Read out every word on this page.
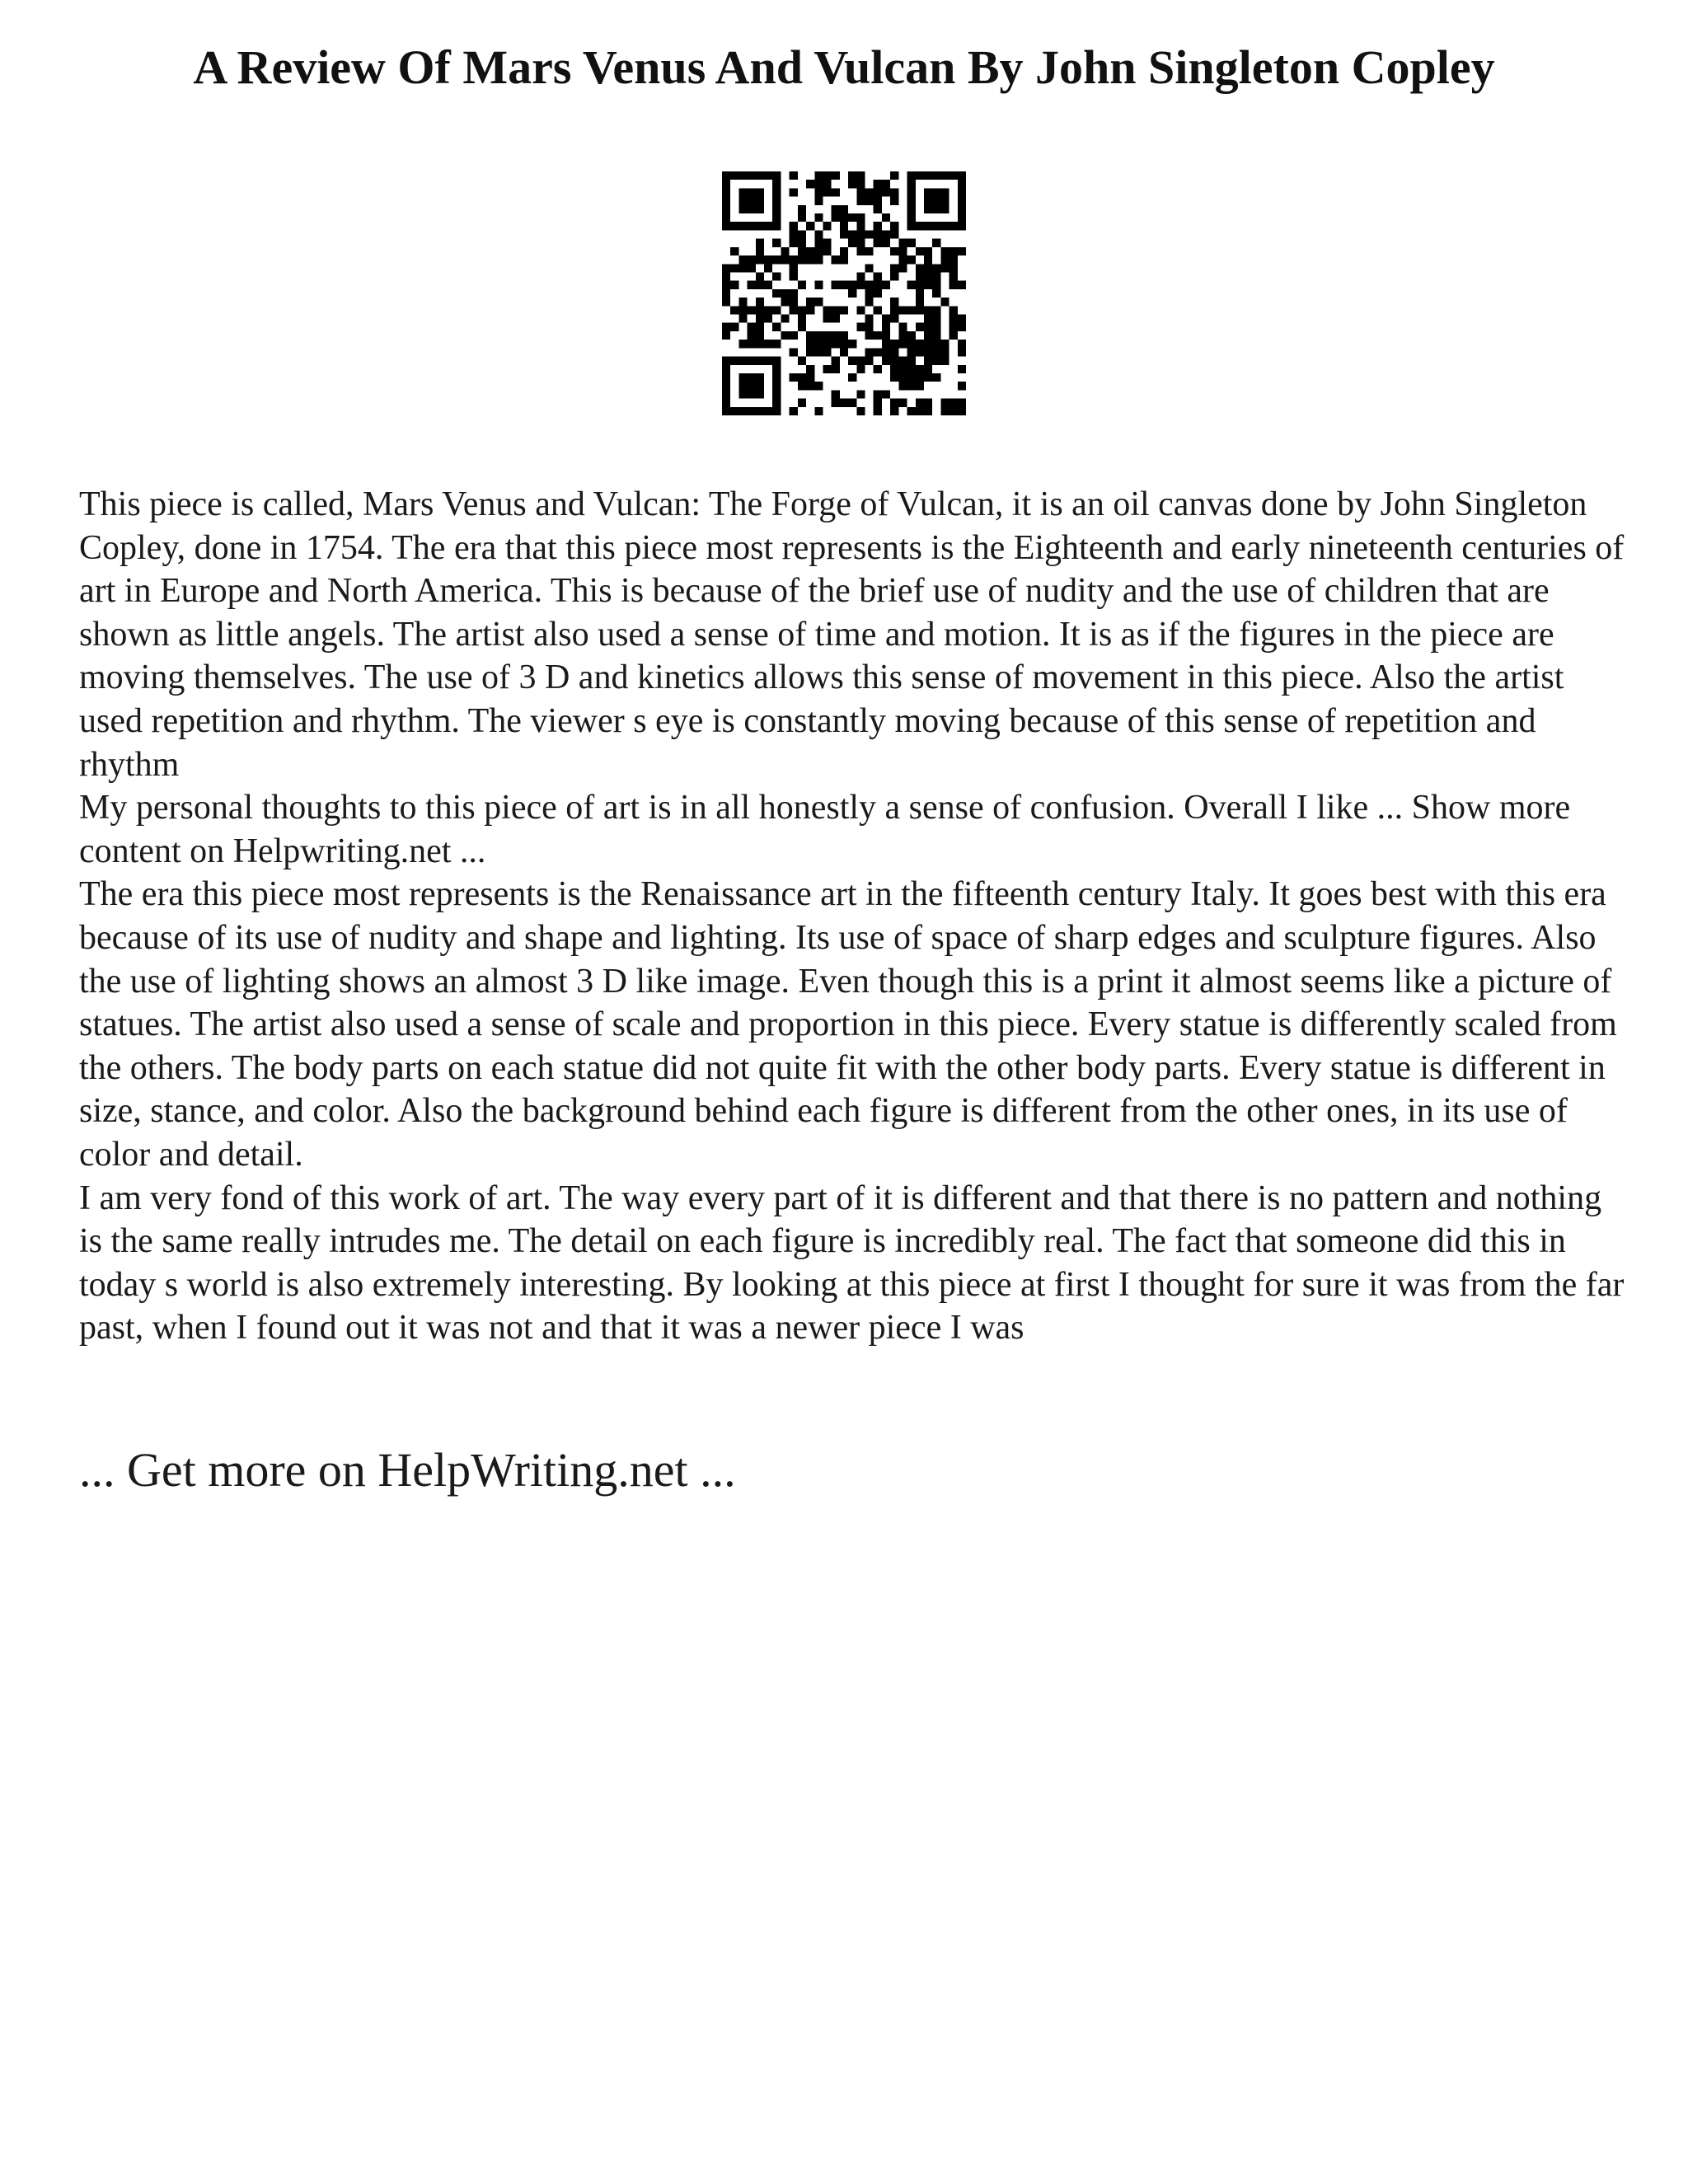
A Review Of Mars Venus And Vulcan By John Singleton Copley

This piece is called, Mars Venus and Vulcan: The Forge of Vulcan, it is an oil canvas done by John Singleton Copley, done in 1754. The era that this piece most represents is the Eighteenth and early nineteenth centuries of art in Europe and North America. This is because of the brief use of nudity and the use of children that are shown as little angels. The artist also used a sense of time and motion. It is as if the figures in the piece are moving themselves. The use of 3 D and kinetics allows this sense of movement in this piece. Also the artist used repetition and rhythm. The viewer s eye is constantly moving because of this sense of repetition and rhythm

My personal thoughts to this piece of art is in all honestly a sense of confusion. Overall I like ... Show more content on Helpwriting.net ...

The era this piece most represents is the Renaissance art in the fifteenth century Italy. It goes best with this era because of its use of nudity and shape and lighting. Its use of space of sharp edges and sculpture figures. Also the use of lighting shows an almost 3 D like image. Even though this is a print it almost seems like a picture of statues. The artist also used a sense of scale and proportion in this piece. Every statue is differently scaled from the others. The body parts on each statue did not quite fit with the other body parts. Every statue is different in size, stance, and color. Also the background behind each figure is different from the other ones, in its use of color and detail.

I am very fond of this work of art. The way every part of it is different and that there is no pattern and nothing is the same really intrudes me. The detail on each figure is incredibly real. The fact that someone did this in today s world is also extremely interesting. By looking at this piece at first I thought for sure it was from the far past, when I found out it was not and that it was a newer piece I was

... Get more on HelpWriting.net ...
